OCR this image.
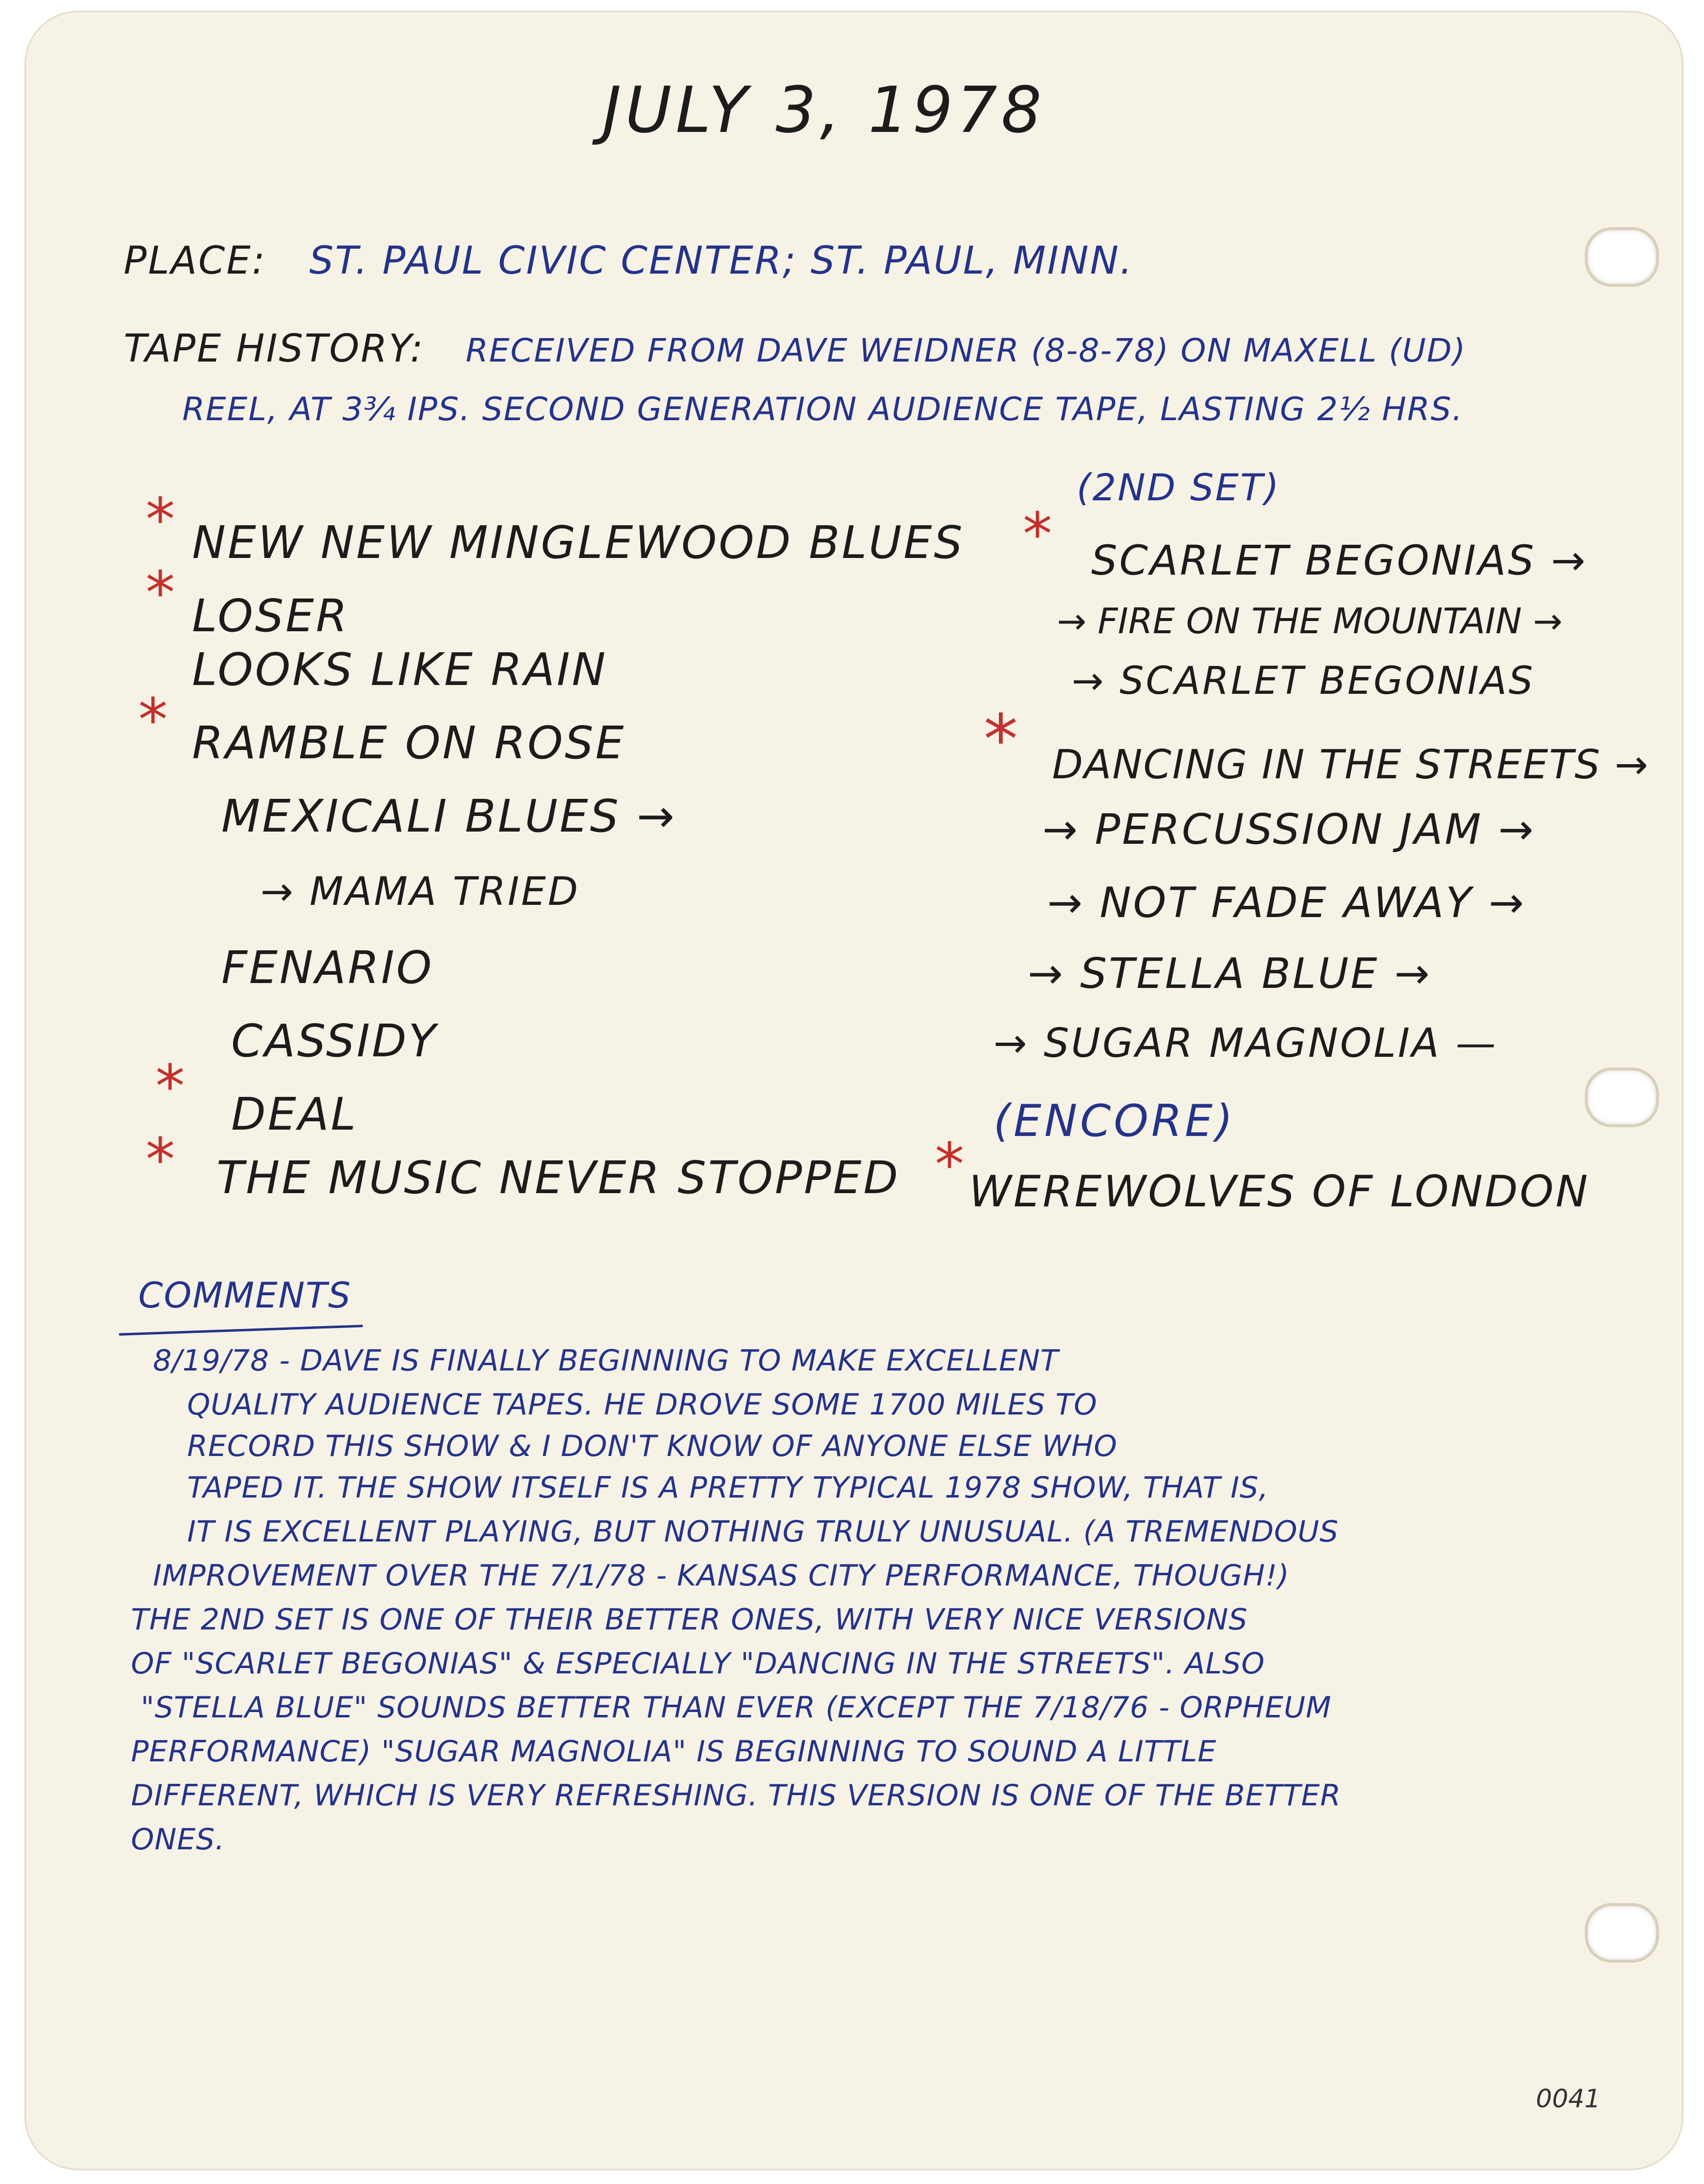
JULY 3, 1978
PLACE: ST. PAUL CIVIC CENTER; ST. PAUL, MINN.
TAPE HISTORY: RECEIVED FROM DAVE WEIDNER (8-8-78) ON MAXELL (UD)
REEL, AT 3¾ IPS. SECOND GENERATION AUDIENCE TAPE, LASTING 2½ HRS.
* NEW NEW MINGLEWOOD BLUES
* LOSER
LOOKS LIKE RAIN
* RAMBLE ON ROSE
MEXICALI BLUES →
→ MAMA TRIED
FENARIO
CASSIDY
* DEAL
* THE MUSIC NEVER STOPPED
(2ND SET)
* SCARLET BEGONIAS →
→ FIRE ON THE MOUNTAIN →
→ SCARLET BEGONIAS
* DANCING IN THE STREETS →
→ PERCUSSION JAM →
→ NOT FADE AWAY →
→ STELLA BLUE →
→ SUGAR MAGNOLIA —
(ENCORE)
* WEREWOLVES OF LONDON
COMMENTS
8/19/78 - DAVE IS FINALLY BEGINNING TO MAKE EXCELLENT
QUALITY AUDIENCE TAPES. HE DROVE SOME 1700 MILES TO
RECORD THIS SHOW & I DON'T KNOW OF ANYONE ELSE WHO
TAPED IT. THE SHOW ITSELF IS A PRETTY TYPICAL 1978 SHOW, THAT IS,
IT IS EXCELLENT PLAYING, BUT NOTHING TRULY UNUSUAL. (A TREMENDOUS
IMPROVEMENT OVER THE 7/1/78 - KANSAS CITY PERFORMANCE, THOUGH!)
THE 2ND SET IS ONE OF THEIR BETTER ONES, WITH VERY NICE VERSIONS
OF "SCARLET BEGONIAS" & ESPECIALLY "DANCING IN THE STREETS". ALSO
"STELLA BLUE" SOUNDS BETTER THAN EVER (EXCEPT THE 7/18/76 - ORPHEUM
PERFORMANCE) "SUGAR MAGNOLIA" IS BEGINNING TO SOUND A LITTLE
DIFFERENT, WHICH IS VERY REFRESHING. THIS VERSION IS ONE OF THE BETTER
ONES.
0041
